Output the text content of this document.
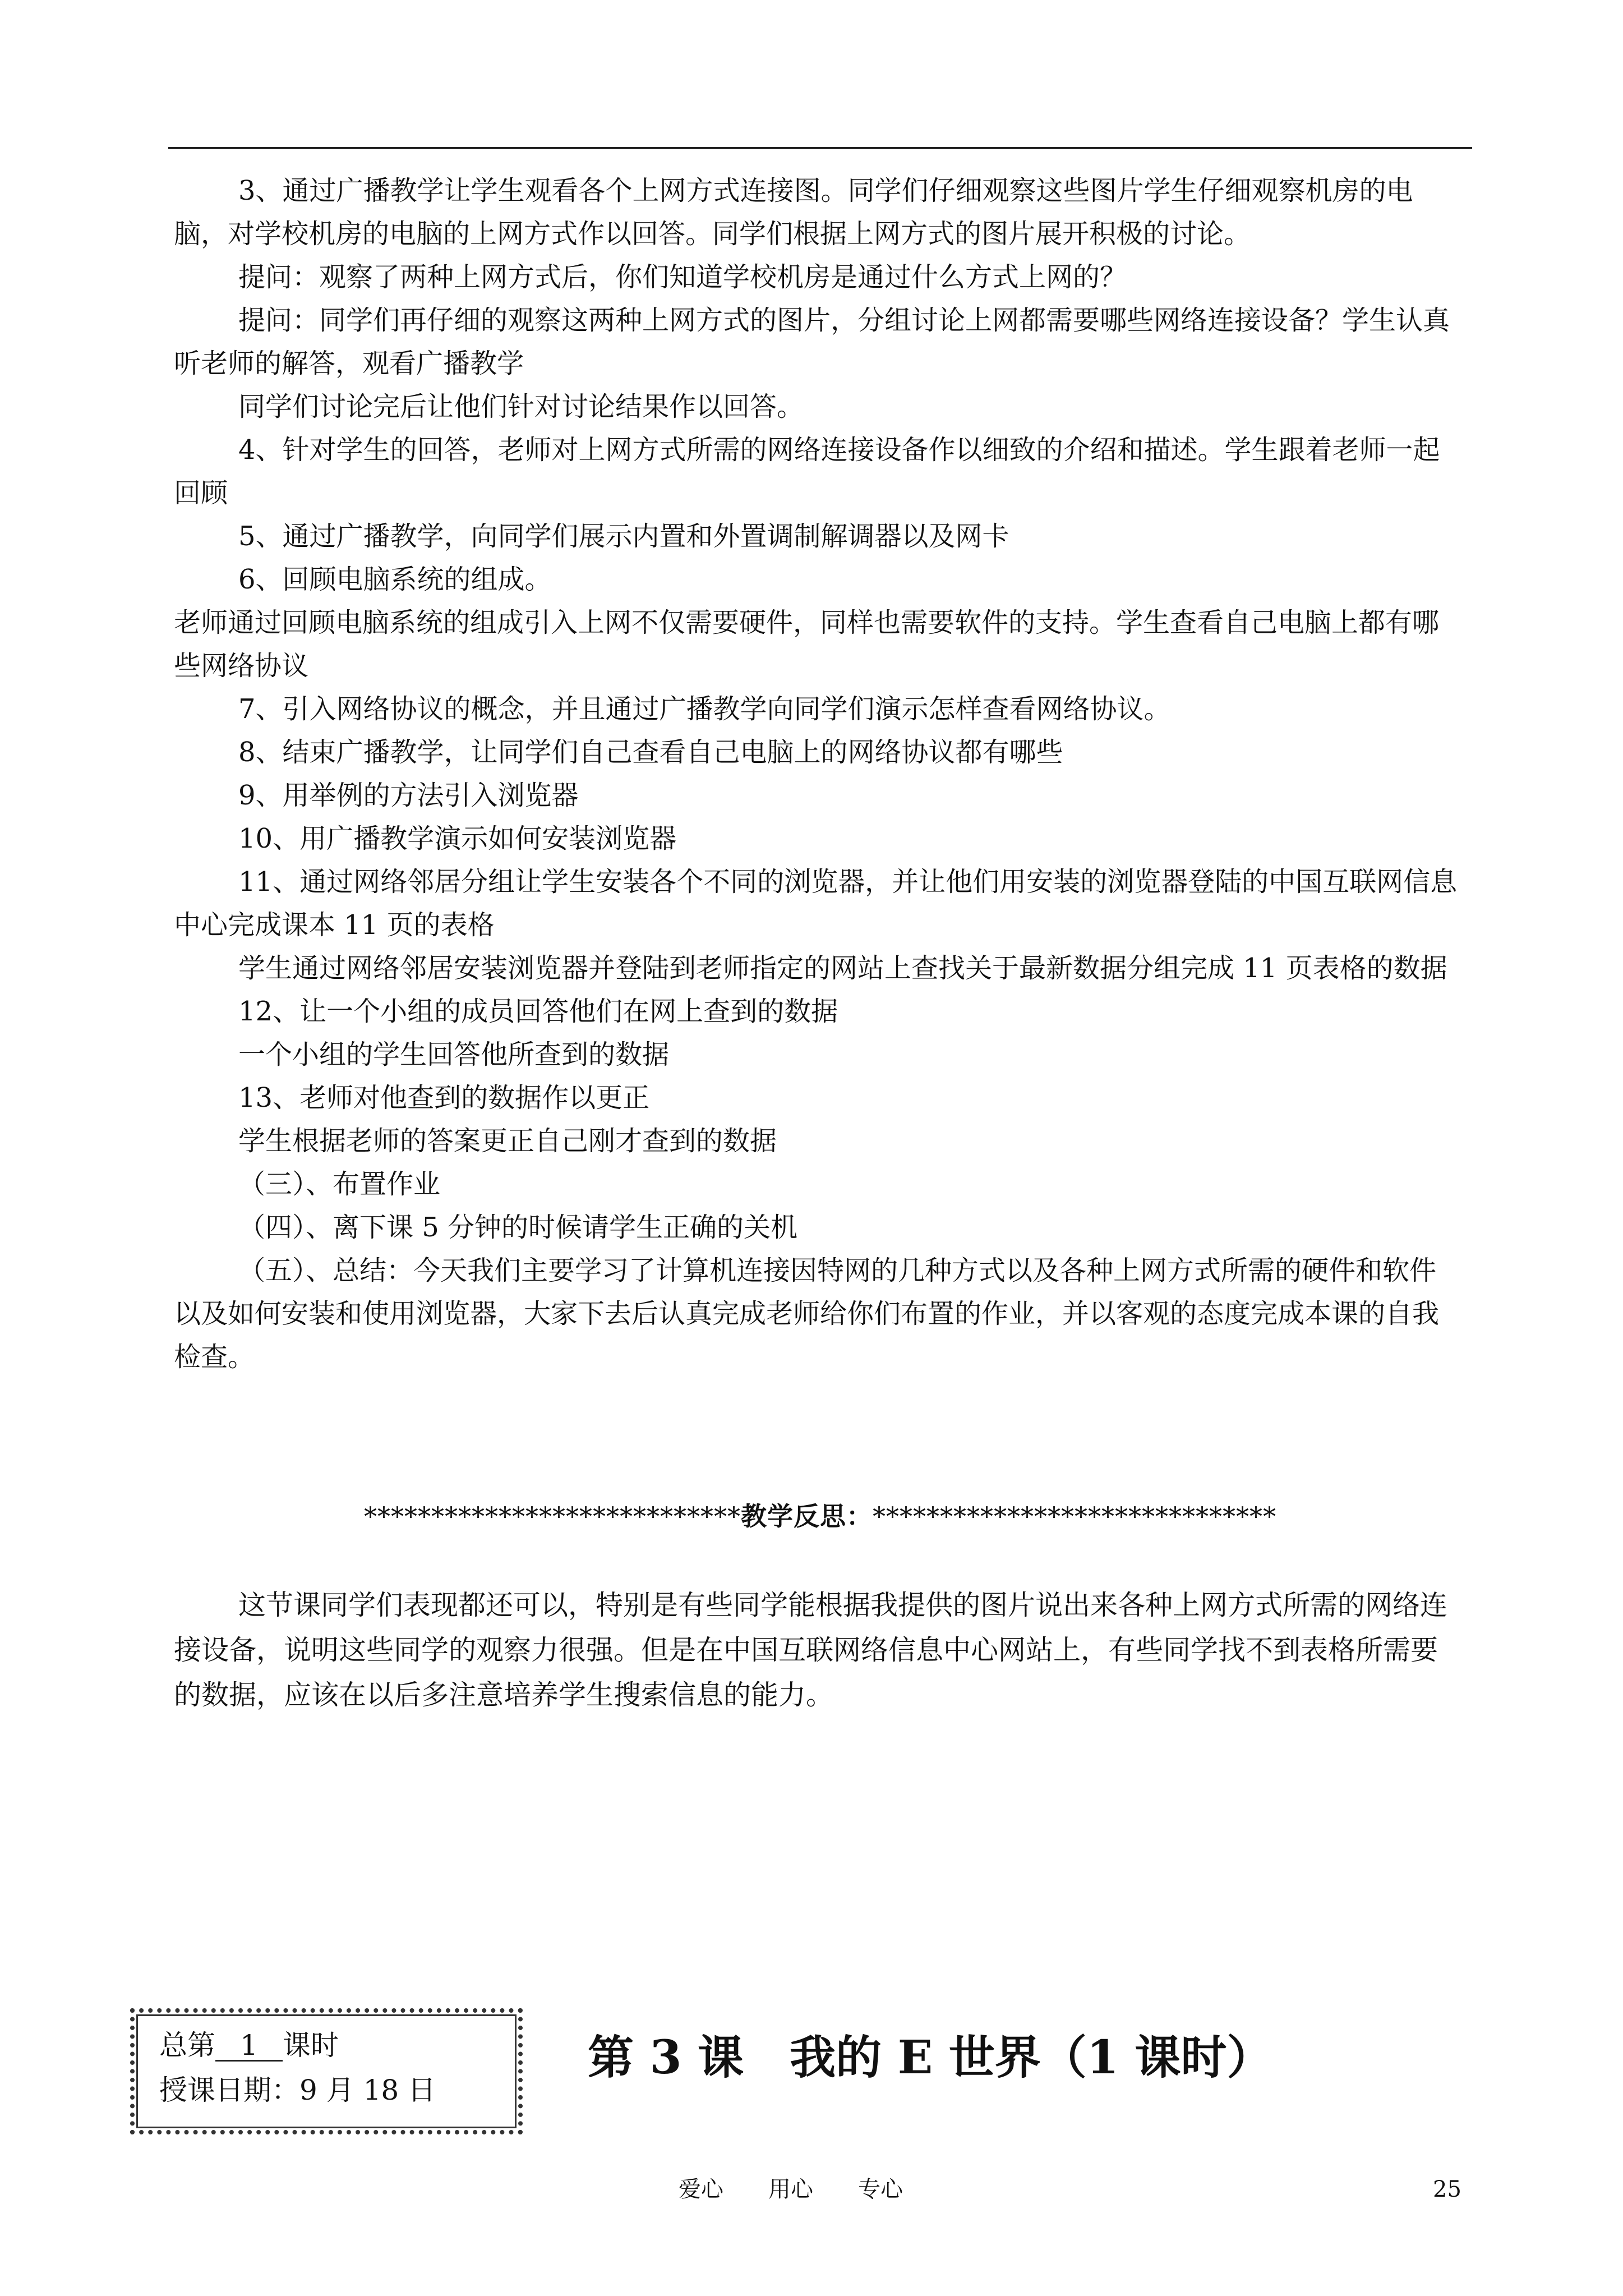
3、通过广播教学让学生观看各个上网方式连接图。同学们仔细观察这些图片学生仔细观察机房的电脑，对学校机房的电脑的上网方式作以回答。同学们根据上网方式的图片展开积极的讨论。

提问：观察了两种上网方式后，你们知道学校机房是通过什么方式上网的？

提问：同学们再仔细的观察这两种上网方式的图片，分组讨论上网都需要哪些网络连接设备？学生认真听老师的解答，观看广播教学

同学们讨论完后让他们针对讨论结果作以回答。

4、针对学生的回答，老师对上网方式所需的网络连接设备作以细致的介绍和描述。学生跟着老师一起回顾

5、通过广播教学，向同学们展示内置和外置调制解调器以及网卡

6、回顾电脑系统的组成。

老师通过回顾电脑系统的组成引入上网不仅需要硬件，同样也需要软件的支持。学生查看自己电脑上都有哪些网络协议

7、引入网络协议的概念，并且通过广播教学向同学们演示怎样查看网络协议。

8、结束广播教学，让同学们自己查看自己电脑上的网络协议都有哪些

9、用举例的方法引入浏览器

10、用广播教学演示如何安装浏览器

11、通过网络邻居分组让学生安装各个不同的浏览器，并让他们用安装的浏览器登陆的中国互联网信息中心完成课本 11 页的表格

学生通过网络邻居安装浏览器并登陆到老师指定的网站上查找关于最新数据分组完成 11 页表格的数据

12、让一个小组的成员回答他们在网上查到的数据

一个小组的学生回答他所查到的数据

13、老师对他查到的数据作以更正

学生根据老师的答案更正自己刚才查到的数据

（三）、布置作业

（四）、离下课 5 分钟的时候请学生正确的关机

（五）、总结：今天我们主要学习了计算机连接因特网的几种方式以及各种上网方式所需的硬件和软件以及如何安装和使用浏览器，大家下去后认真完成老师给你们布置的作业，并以客观的态度完成本课的自我检查。

****************************教学反思：******************************

这节课同学们表现都还可以，特别是有些同学能根据我提供的图片说出来各种上网方式所需的网络连接设备，说明这些同学的观察力很强。但是在中国互联网络信息中心网站上，有些同学找不到表格所需要的数据，应该在以后多注意培养学生搜索信息的能力。

总第 1 课时
授课日期：9 月 18 日
第 3 课　我的 E 世界（1 课时）
爱心　　用心　　专心	25
